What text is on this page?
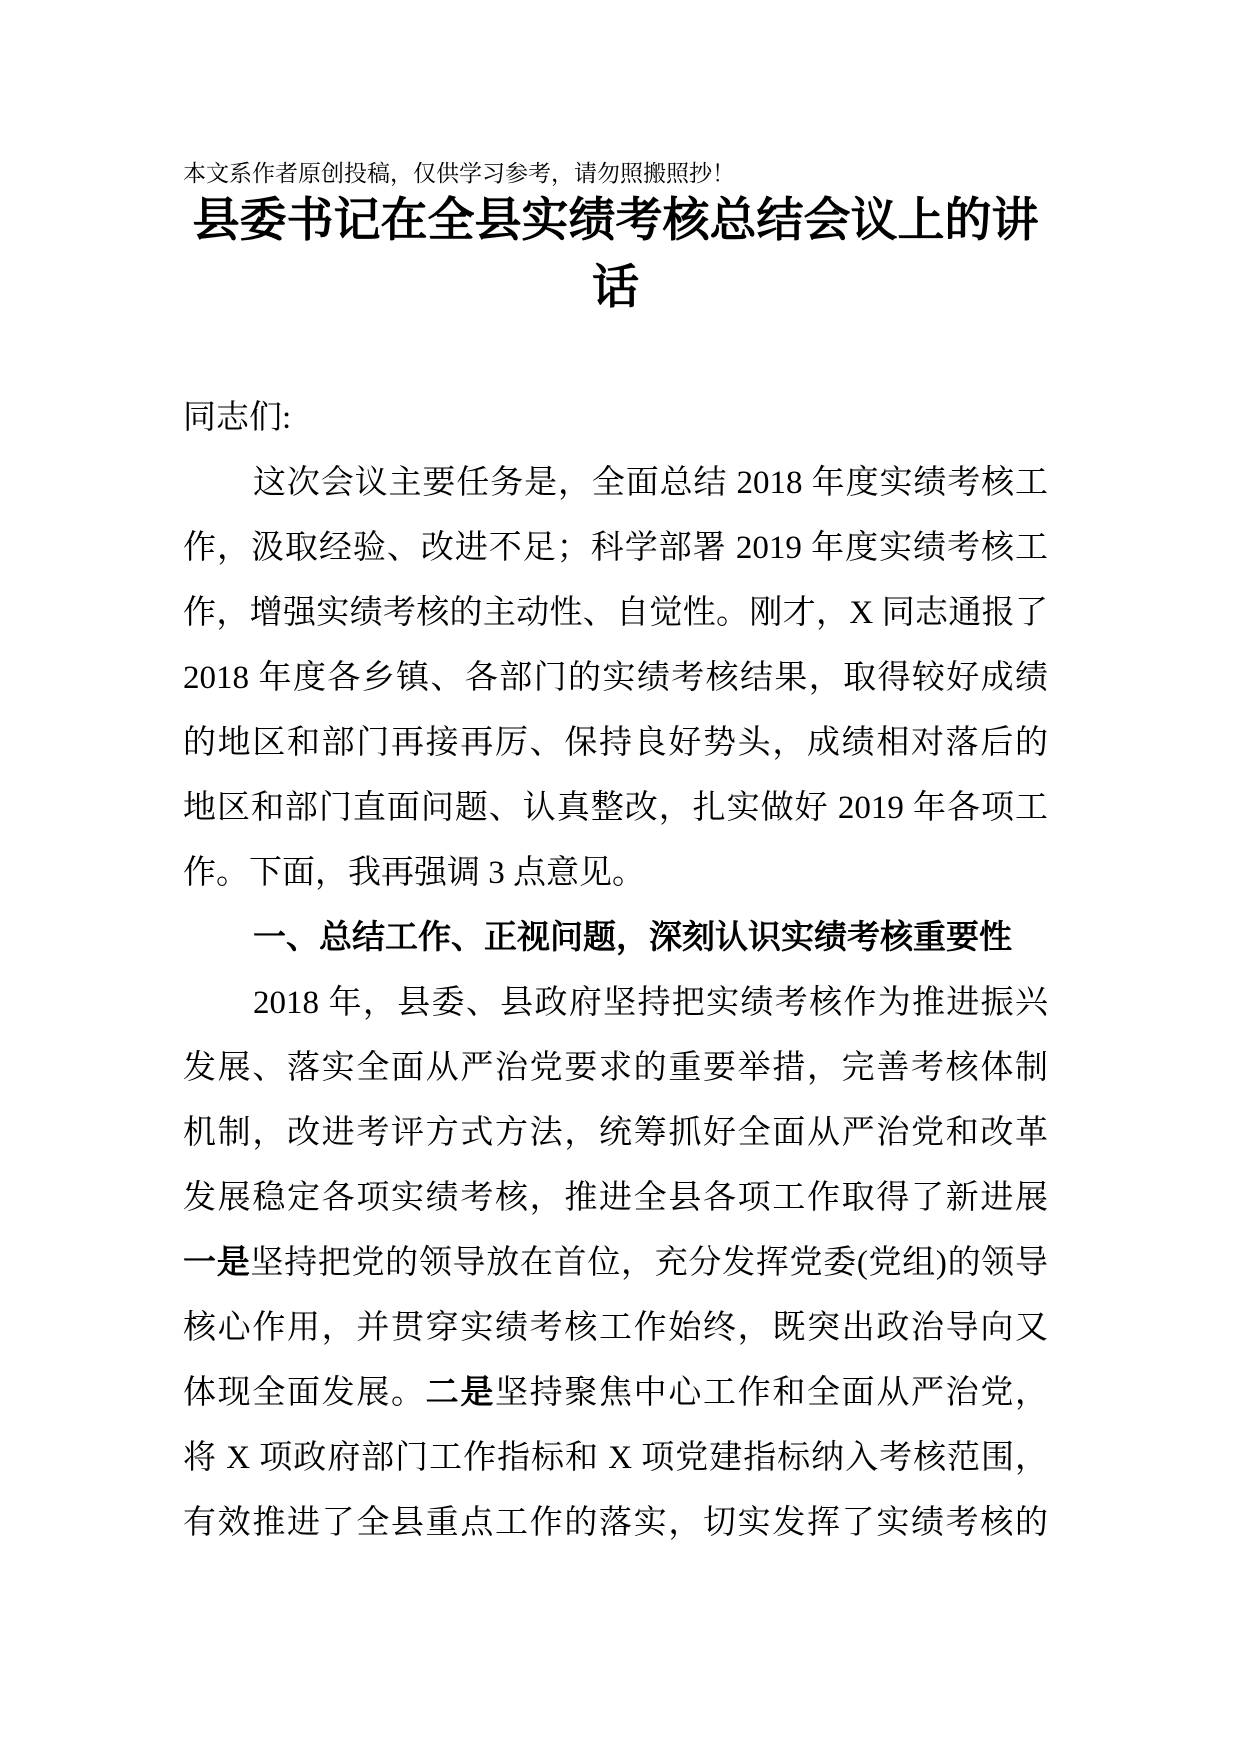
本文系作者原创投稿，仅供学习参考，请勿照搬照抄！
县委书记在全县实绩考核总结会议上的讲
话
同志们:
这次会议主要任务是，全面总结 2018 年度实绩考核工
作，汲取经验、改进不足；科学部署 2019 年度实绩考核工
作，增强实绩考核的主动性、自觉性。刚才，X 同志通报了
2018 年度各乡镇、各部门的实绩考核结果，取得较好成绩
的地区和部门再接再厉、保持良好势头，成绩相对落后的
地区和部门直面问题、认真整改，扎实做好 2019 年各项工
作。下面，我再强调 3 点意见。
一、总结工作、正视问题，深刻认识实绩考核重要性
2018 年，县委、县政府坚持把实绩考核作为推进振兴
发展、落实全面从严治党要求的重要举措，完善考核体制
机制，改进考评方式方法，统筹抓好全面从严治党和改革
发展稳定各项实绩考核，推进全县各项工作取得了新进展
一是坚持把党的领导放在首位，充分发挥党委(党组)的领导
核心作用，并贯穿实绩考核工作始终，既突出政治导向又
体现全面发展。二是坚持聚焦中心工作和全面从严治党，
将 X 项政府部门工作指标和 X 项党建指标纳入考核范围，
有效推进了全县重点工作的落实，切实发挥了实绩考核的
